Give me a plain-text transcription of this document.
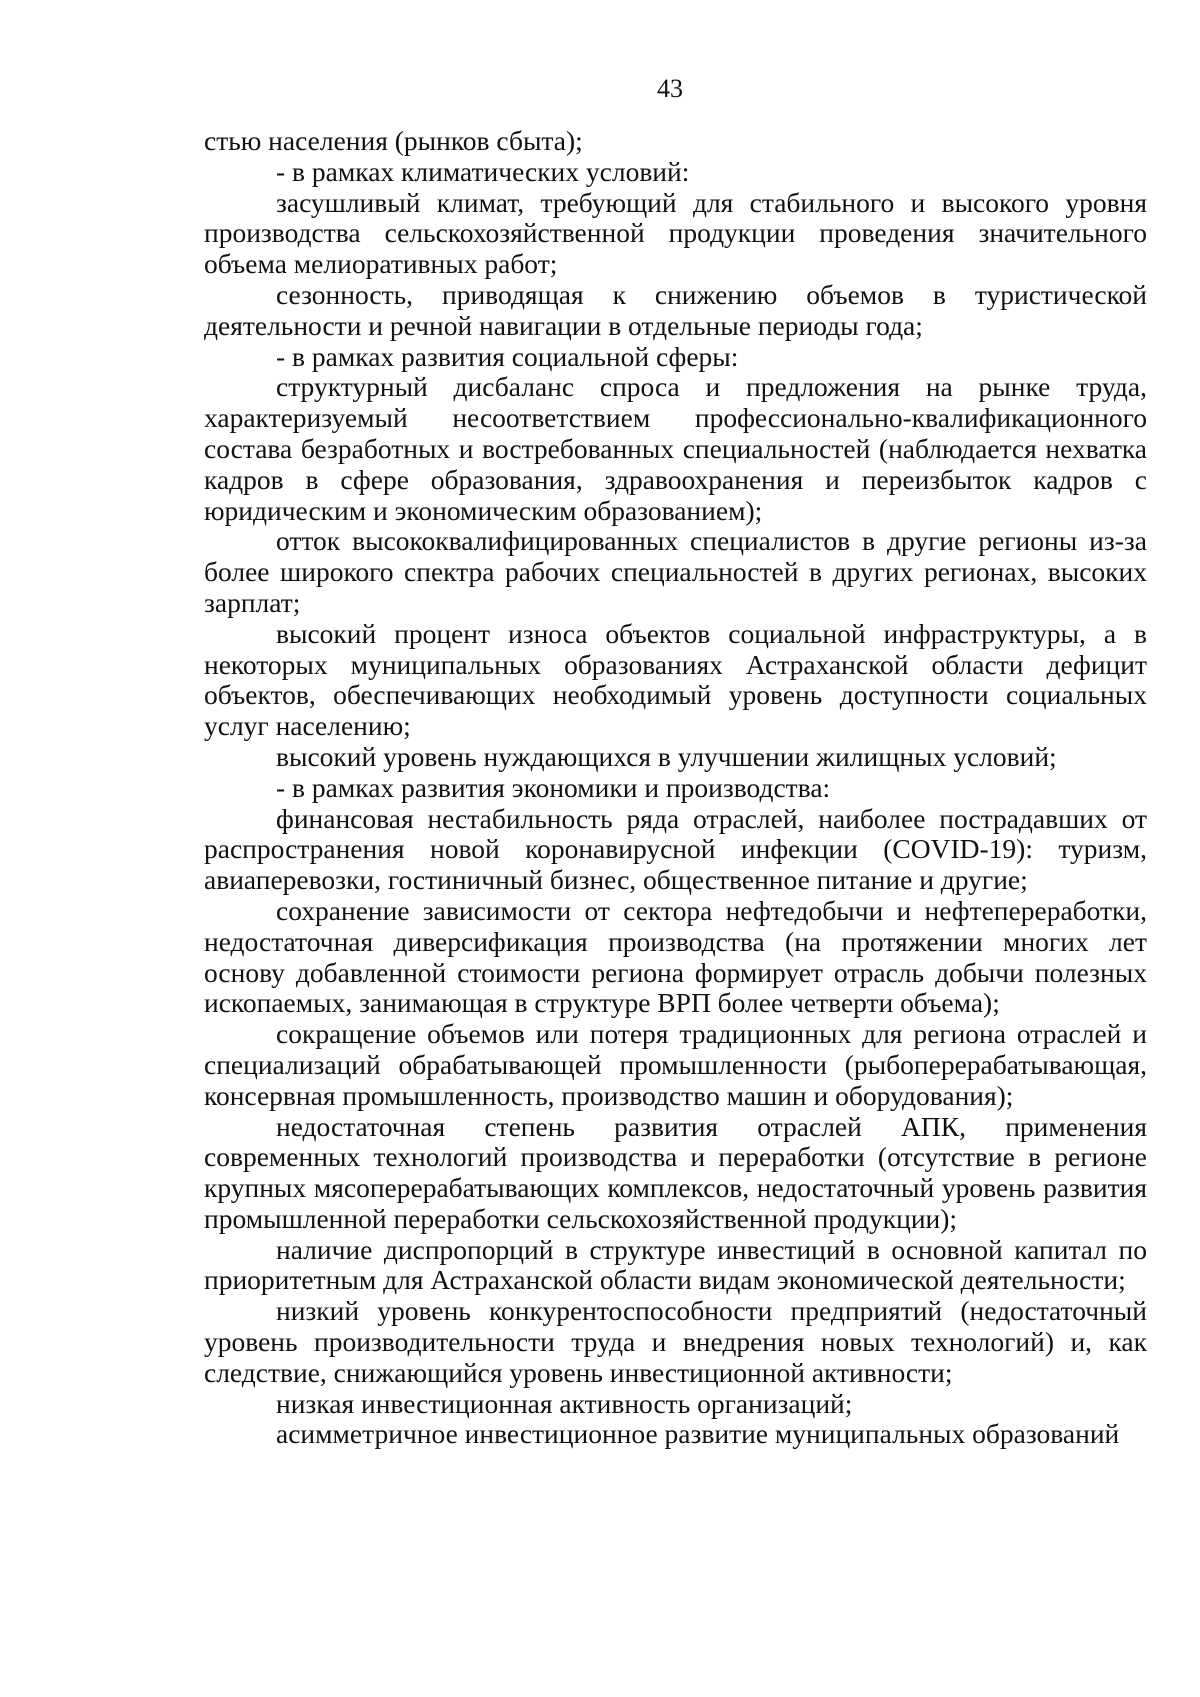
43

стью населения (рынков сбыта);

- в рамках климатических условий:

засушливый климат, требующий для стабильного и высокого уровня производства сельскохозяйственной продукции проведения значительного объема мелиоративных работ;

сезонность, приводящая к снижению объемов в туристической деятельности и речной навигации в отдельные периоды года;

- в рамках развития социальной сферы:

структурный дисбаланс спроса и предложения на рынке труда, характеризуемый несоответствием профессионально-квалификационного состава безработных и востребованных специальностей (наблюдается нехватка кадров в сфере образования, здравоохранения и переизбыток кадров с юридическим и экономическим образованием);

отток высококвалифицированных специалистов в другие регионы из-за более широкого спектра рабочих специальностей в других регионах, высоких зарплат;

высокий процент износа объектов социальной инфраструктуры, а в некоторых муниципальных образованиях Астраханской области дефицит объектов, обеспечивающих необходимый уровень доступности социальных услуг населению;

высокий уровень нуждающихся в улучшении жилищных условий;

- в рамках развития экономики и производства:

финансовая нестабильность ряда отраслей, наиболее пострадавших от распространения новой коронавирусной инфекции (COVID-19): туризм, авиаперевозки, гостиничный бизнес, общественное питание и другие;

сохранение зависимости от сектора нефтедобычи и нефтепереработки, недостаточная диверсификация производства (на протяжении многих лет основу добавленной стоимости региона формирует отрасль добычи полезных ископаемых, занимающая в структуре ВРП более четверти объема);

сокращение объемов или потеря традиционных для региона отраслей и специализаций обрабатывающей промышленности (рыбоперерабатывающая, консервная промышленность, производство машин и оборудования);

недостаточная степень развития отраслей АПК, применения современных технологий производства и переработки (отсутствие в регионе крупных мясоперерабатывающих комплексов, недостаточный уровень развития промышленной переработки сельскохозяйственной продукции);

наличие диспропорций в структуре инвестиций в основной капитал по приоритетным для Астраханской области видам экономической деятельности;

низкий уровень конкурентоспособности предприятий (недостаточный уровень производительности труда и внедрения новых технологий) и, как следствие, снижающийся уровень инвестиционной активности;

низкая инвестиционная активность организаций;

асимметричное инвестиционное развитие муниципальных образований
